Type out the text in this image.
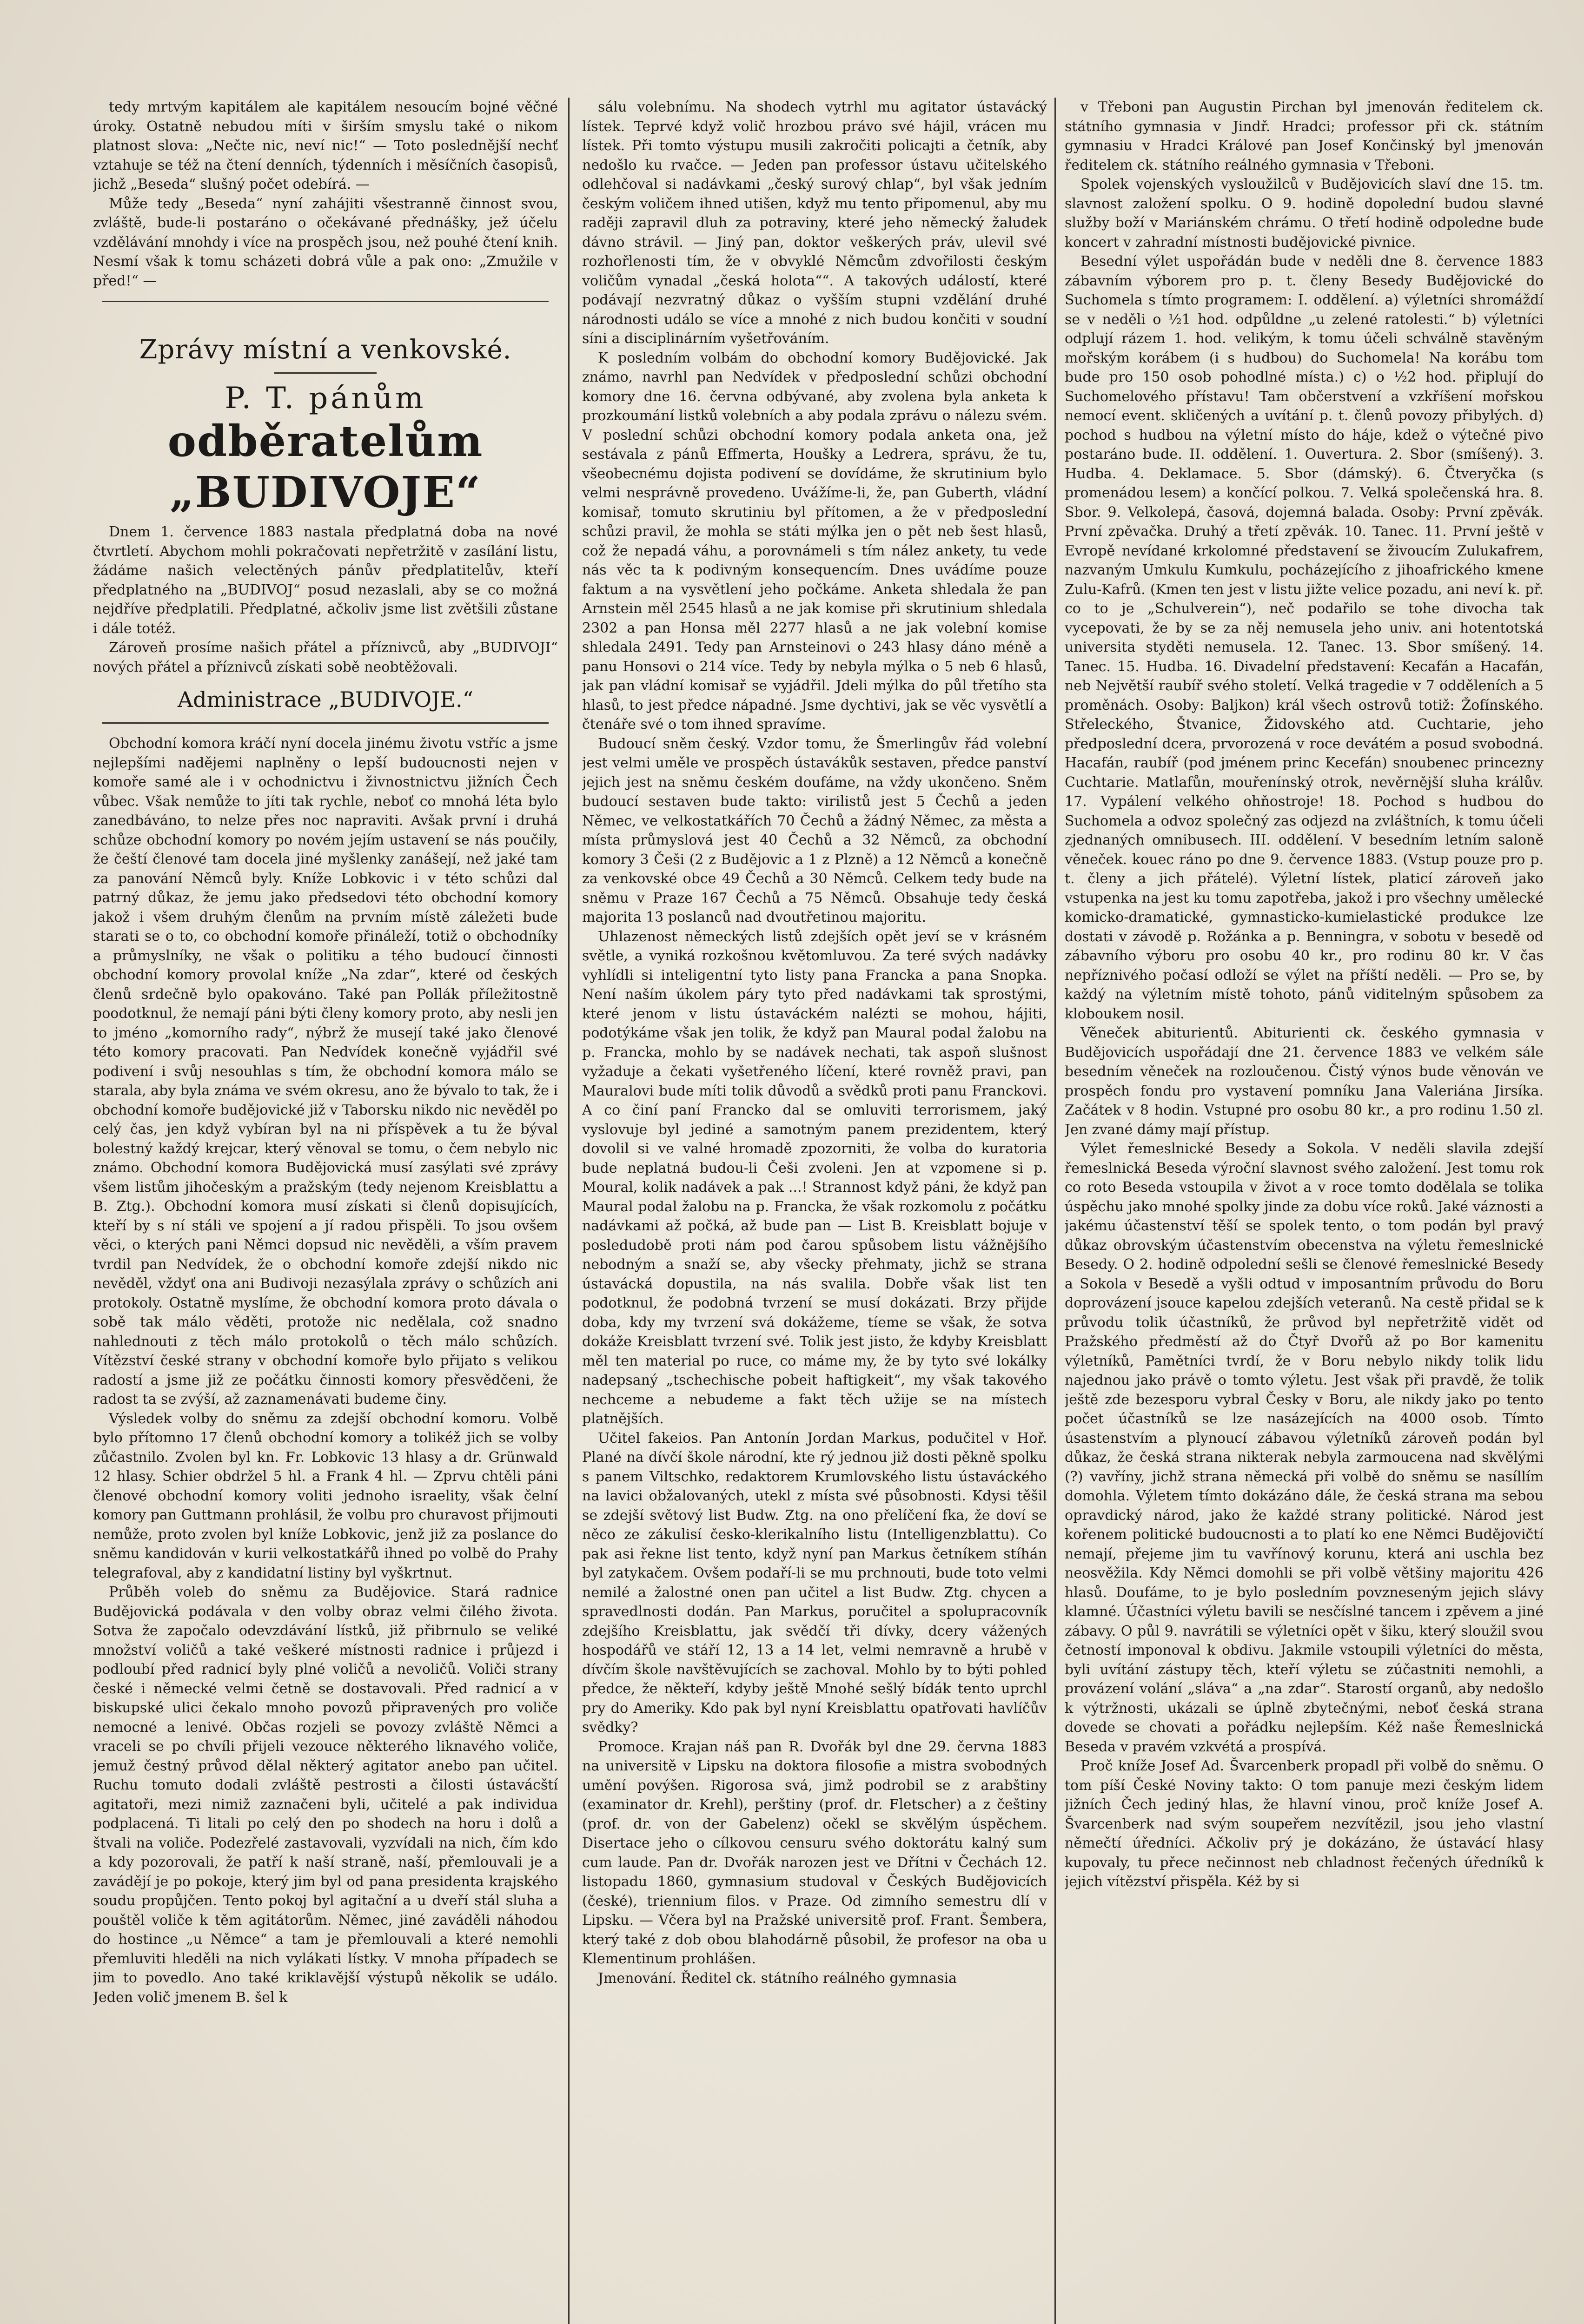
tedy mrtvým kapitálem ale kapitálem nesoucím bojné věčné úroky. Ostatně nebudou míti v širším smyslu také o nikom platnost slova: „Nečte nic, neví nic!“ — Toto poslednější nechť vztahuje se též na čtení denních, týdenních i měsíčních časopisů, jichž „Beseda“ slušný počet odebírá. —

Může tedy „Beseda“ nyní zahájiti všestranně činnost svou, zvláště, bude-li postaráno o očekávané přednášky, jež účelu vzdělávání mnohdy i více na prospěch jsou, než pouhé čtení knih. Nesmí však k tomu scházeti dobrá vůle a pak ono: „Zmužile v před!“ —

Zprávy místní a venkovské.
P. T. pánům
odběratelům „BUDIVOJE“

Dnem 1. července 1883 nastala předplatná doba na nové čtvrtletí. Abychom mohli pokračovati nepřetržitě v zasílání listu, žádáme našich velectěných pánův předplatitelův, kteří předplatného na „BUDIVOJ“ posud nezaslali, aby se co možná nejdříve předplatili. Předplatné, ačkoliv jsme list zvětšili zůstane i dále totéž.

Zároveň prosíme našich přátel a příznivců, aby „BUDIVOJI“ nových přátel a příznivců získati sobě neobtěžovali.

Administrace „BUDIVOJE.“

Obchodní komora kráčí nyní docela jinému životu vstříc a jsme nejlepšími nadějemi naplněny o lepší budoucnosti nejen v komoře samé ale i v ochodnictvu i živnostnictvu jižních Čech vůbec. Však nemůže to jíti tak rychle, neboť co mnohá léta bylo zanedbáváno, to nelze přes noc napraviti. Avšak první i druhá schůze obchodní komory po novém jejím ustavení se nás poučily, že čeští členové tam docela jiné myšlenky zanášejí, než jaké tam za panování Němců byly. Kníže Lobkovic i v této schůzi dal patrný důkaz, že jemu jako předsedovi této obchodní komory jakož i všem druhým členům na prvním místě záležeti bude starati se o to, co obchodní komoře přináleží, totiž o obchodníky a průmyslníky, ne však o politiku a tého budoucí činnosti obchodní komory provolal kníže „Na zdar“, které od českých členů srdečně bylo opakováno. Také pan Pollák příležitostně poodotknul, že nemají páni býti členy komory proto, aby nesli jen to jméno „komorního rady“, nýbrž že musejí také jako členové této komory pracovati. Pan Nedvídek konečně vyjádřil své podivení i svůj nesouhlas s tím, že obchodní komora málo se starala, aby byla známa ve svém okresu, ano že bývalo to tak, že i obchodní komoře budějovické již v Taborsku nikdo nic nevěděl po celý čas, jen když vybíran byl na ni příspěvek a tu že býval bolestný každý krejcar, který věnoval se tomu, o čem nebylo nic známo. Obchodní komora Budějovická musí zasýlati své zprávy všem listům jihočeským a pražským (tedy nejenom Kreisblattu a B. Ztg.). Obchodní komora musí získati si členů dopisujících, kteří by s ní stáli ve spojení a jí radou přispěli. To jsou ovšem věci, o kterých pani Němci dopsud nic nevěděli, a vším pravem tvrdil pan Nedvídek, že o obchodní komoře zdejší nikdo nic nevěděl, vždyť ona ani Budivoji nezasýlala zprávy o schůzích ani protokoly. Ostatně myslíme, že obchodní komora proto dávala o sobě tak málo věděti, protože nic nedělala, což snadno nahlednouti z těch málo protokolů o těch málo schůzích. Vítězství české strany v obchodní komoře bylo přijato s velikou radostí a jsme již ze počátku činnosti komory přesvědčeni, že radost ta se zvýší, až zaznamenávati budeme činy.

Výsledek volby do sněmu za zdejší obchodní komoru. Volbě bylo přítomno 17 členů obchodní komory a tolikéž jich se volby zůčastnilo. Zvolen byl kn. Fr. Lobkovic 13 hlasy a dr. Grünwald 12 hlasy. Schier obdržel 5 hl. a Frank 4 hl. — Zprvu chtěli páni členové obchodní komory voliti jednoho israelity, však čelní komory pan Guttmann prohlásil, že volbu pro churavost přijmouti nemůže, proto zvolen byl kníže Lobkovic, jenž již za poslance do sněmu kandidován v kurii velkostatkářů ihned po volbě do Prahy telegrafoval, aby z kandidatní listiny byl vyškrtnut.

Průběh voleb do sněmu za Budějovice. Stará radnice Budějovická podávala v den volby obraz velmi čilého života. Sotva že započalo odevzdávání lístků, již přibrnulo se veliké množství voličů a také veškeré místnosti radnice i průjezd i podloubí před radnicí byly plné voličů a nevoličů. Voliči strany české i německé velmi četně se dostavovali. Před radnicí a v biskupské ulici čekalo mnoho povozů připravených pro voliče nemocné a lenivé. Občas rozjeli se povozy zvláště Němci a vraceli se po chvíli přijeli vezouce některého liknavého voliče, jemuž čestný průvod dělal některý agitator anebo pan učitel. Ruchu tomuto dodali zvláště pestrosti a čilosti ústavácští agitatoři, mezi nimiž zaznačeni byli, učitelé a pak individua podplacená. Ti litali po celý den po shodech na horu i dolů a štvali na voliče. Podezřelé zastavovali, vyzvídali na nich, čím kdo a kdy pozorovali, že patří k naší straně, naší, přemlouvali je a zavádějí je po pokoje, který jim byl od pana presidenta krajského soudu propůjčen. Tento pokoj byl agitační a u dveří stál sluha a pouštěl voliče k těm agitátorům. Němec, jiné zaváděli náhodou do hostince „u Němce“ a tam je přemlouvali a které nemohli přemluviti hleděli na nich vylákati lístky. V mnoha případech se jim to povedlo. Ano také kriklavější výstupů několik se událo. Jeden volič jmenem B. šel k

sálu volebnímu. Na shodech vytrhl mu agitator ústavácký lístek. Teprvé když volič hrozbou právo své hájil, vrácen mu lístek. Při tomto výstupu musili zakročiti policajti a četník, aby nedošlo ku rvačce. — Jeden pan professor ústavu učitelského odlehčoval si nadávkami „český surový chlap“, byl však jedním českým voličem ihned utišen, když mu tento připomenul, aby mu raději zapravil dluh za potraviny, které jeho německý žaludek dávno strávil. — Jiný pan, doktor veškerých práv, ulevil své rozhořlenosti tím, že v obvyklé Němcům zdvořilosti českým voličům vynadal „česká holota““. A takových událostí, které podávají nezvratný důkaz o vyšším stupni vzdělání druhé národnosti událo se více a mnohé z nich budou končiti v soudní síni a disciplinárním vyšetřováním.

K posledním volbám do obchodní komory Budějovické. Jak známo, navrhl pan Nedvídek v předposlední schůzi obchodní komory dne 16. června odbývané, aby zvolena byla anketa k prozkoumání listků volebních a aby podala zprávu o nálezu svém. V poslední schůzi obchodní komory podala anketa ona, jež sestávala z pánů Effmerta, Houšky a Ledrera, správu, že tu, všeobecnému dojista podivení se dovídáme, že skrutinium bylo velmi nesprávně provedeno. Uvážíme-li, že, pan Guberth, vládní komisař, tomuto skrutiniu byl přítomen, a že v předposlední schůzi pravil, že mohla se státi mýlka jen o pět neb šest hlasů, což že nepadá váhu, a porovnámeli s tím nález ankety, tu vede nás věc ta k podivným konsequencím. Dnes uvádíme pouze faktum a na vysvětlení jeho počkáme. Anketa shledala že pan Arnstein měl 2545 hlasů a ne jak komise při skrutinium shledala 2302 a pan Honsa měl 2277 hlasů a ne jak volební komise shledala 2491. Tedy pan Arnsteinovi o 243 hlasy dáno méně a panu Honsovi o 214 více. Tedy by nebyla mýlka o 5 neb 6 hlasů, jak pan vládní komisař se vyjádřil. Jdeli mýlka do půl třetího sta hlasů, to jest předce nápadné. Jsme dychtivi, jak se věc vysvětlí a čtenáře své o tom ihned spravíme.

Budoucí sněm český. Vzdor tomu, že Šmerlingův řád volební jest velmi uměle ve prospěch ústavákůk sestaven, předce panství jejich jest na sněmu českém doufáme, na vždy ukončeno. Sněm budoucí sestaven bude takto: virilistů jest 5 Čechů a jeden Němec, ve velkostatkářích 70 Čechů a žádný Němec, za města a místa průmyslová jest 40 Čechů a 32 Němců, za obchodní komory 3 Češi (2 z Budějovic a 1 z Plzně) a 12 Němců a konečně za venkovské obce 49 Čechů a 30 Němců. Celkem tedy bude na sněmu v Praze 167 Čechů a 75 Němců. Obsahuje tedy česká majorita 13 poslanců nad dvoutřetinou majoritu.

Uhlazenost německých listů zdejších opět jeví se v krásném světle, a vyniká rozkošnou květomluvou. Za teré svých nadávky vyhlídli si inteligentní tyto listy pana Francka a pana Snopka. Není naším úkolem páry tyto před nadávkami tak sprostými, které jenom v listu ústaváckém nalézti se mohou, hájiti, podotýkáme však jen tolik, že když pan Maural podal žalobu na p. Francka, mohlo by se nadávek nechati, tak aspoň slušnost vyžaduje a čekati vyšetřeného líčení, které rovněž pravi, pan Mauralovi bude míti tolik důvodů a svědků proti panu Franckovi. A co činí paní Francko dal se omluviti terrorismem, jaký vyslovuje byl jediné a samotným panem prezidentem, který dovolil si ve valné hromadě zpozorniti, že volba do kuratoria bude neplatná budou-li Češi zvoleni. Jen at vzpomene si p. Moural, kolik nadávek a pak ...! Strannost když páni, že když pan Maural podal žalobu na p. Francka, že však rozkomolu z počátku nadávkami až počká, až bude pan — List B. Kreisblatt bojuje v posledudobě proti nám pod čarou spůsobem listu vážnějšího nebodným a snaží se, aby všecky přehmaty, jichž se strana ústavácká dopustila, na nás svalila. Dobře však list ten podotknul, že podobná tvrzení se musí dokázati. Brzy přijde doba, kdy my tvrzení svá dokážeme, tíeme se však, že sotva dokáže Kreisblatt tvrzení své. Tolik jest jisto, že kdyby Kreisblatt měl ten material po ruce, co máme my, že by tyto své lokálky nadepsaný „tschechische pobeit haftigkeit“, my však takového nechceme a nebudeme a fakt těch užije se na místech platnějších.

Učitel fakeios. Pan Antonín Jordan Markus, podučitel v Hoř. Plané na dívčí škole národní, kte rý jednou již dosti pěkně spolku s panem Viltschko, redaktorem Krumlovského listu ústaváckého na lavici obžalovaných, utekl z místa své působnosti. Kdysi těšil se zdejší světový list Budw. Ztg. na ono přelíčení fka, že doví se něco ze zákulisí česko-klerikalního listu (Intelligenzblattu). Co pak asi řekne list tento, když nyní pan Markus četníkem stíhán byl zatykačem. Ovšem podaří-li se mu prchnouti, bude toto velmi nemilé a žalostné onen pan učitel a list Budw. Ztg. chycen a spravedlnosti dodán. Pan Markus, poručitel a spolupracovník zdejšího Kreisblattu, jak svědčí tři dívky, dcery vážených hospodářů ve stáří 12, 13 a 14 let, velmi nemravně a hrubě v dívčím škole navštěvujících se zachoval. Mohlo by to býti pohled předce, že někteří, kdyby ještě Mnohé sešlý bídák tento uprchl pry do Ameriky. Kdo pak byl nyní Kreisblattu opatřovati havlíčův svědky?

Promoce. Krajan náš pan R. Dvořák byl dne 29. června 1883 na universitě v Lipsku na doktora filosofie a mistra svobodných umění povýšen. Rigorosa svá, jimž podrobil se z arabštiny (examinator dr. Krehl), perštiny (prof. dr. Fletscher) a z češtiny (prof. dr. von der Gabelenz) očekl se skvělým úspěchem. Disertace jeho o cílkovou censuru svého doktorátu kalný sum cum laude. Pan dr. Dvořák narozen jest ve Dřítni v Čechách 12. listopadu 1860, gymnasium studoval v Českých Budějovicích (české), triennium filos. v Praze. Od zimního semestru dlí v Lipsku. — Včera byl na Pražské universitě prof. Frant. Šembera, který také z dob obou blahodárně působil, že profesor na oba u Klementinum prohlášen.

Jmenování. Ředitel ck. státního reálného gymnasia

v Třeboni pan Augustin Pirchan byl jmenován ředitelem ck. státního gymnasia v Jindř. Hradci; professor při ck. státním gymnasiu v Hradci Králové pan Josef Končinský byl jmenován ředitelem ck. státního reálného gymnasia v Třeboni.

Spolek vojenských vysloužilců v Budějovicích slaví dne 15. tm. slavnost založení spolku. O 9. hodině dopolední budou slavné služby boží v Mariánském chrámu. O třetí hodině odpoledne bude koncert v zahradní místnosti budějovické pivnice.

Besední výlet uspořádán bude v neděli dne 8. července 1883 zábavním výborem pro p. t. členy Besedy Budějovické do Suchomela s tímto programem: I. oddělení. a) výletníci shromáždí se v neděli o ½1 hod. odpůldne „u zelené ratolesti.“ b) výletníci odplují rázem 1. hod. velikým, k tomu účeli schválně stavěným mořským korábem (i s hudbou) do Suchomela! Na korábu tom bude pro 150 osob pohodlné místa.) c) o ½2 hod. připlují do Suchomelového přístavu! Tam občerstvení a vzkříšení mořskou nemocí event. skličených a uvítání p. t. členů povozy přibylých. d) pochod s hudbou na výletní místo do háje, kdež o výtečné pivo postaráno bude. II. oddělení. 1. Ouvertura. 2. Sbor (smíšený). 3. Hudba. 4. Deklamace. 5. Sbor (dámský). 6. Čtveryčka (s promenádou lesem) a končící polkou. 7. Velká společenská hra. 8. Sbor. 9. Velkolepá, časová, dojemná balada. Osoby: První zpěvák. První zpěvačka. Druhý a třetí zpěvák. 10. Tanec. 11. První ještě v Evropě nevídané krkolomné představení se živoucím Zulukafrem, nazvaným Umkulu Kumkulu, pocházejícího z jihoafrického kmene Zulu-Kafrů. (Kmen ten jest v listu jižte velice pozadu, ani neví k. př. co to je „Schulverein“), neč podařilo se tohe divocha tak vycepovati, že by se za něj nemusela jeho univ. ani hotentotská universita styděti nemusela. 12. Tanec. 13. Sbor smíšený. 14. Tanec. 15. Hudba. 16. Divadelní představení: Kecafán a Hacafán, neb Největší raubíř svého století. Velká tragedie v 7 odděleních a 5 proměnách. Osoby: Baljkon) král všech ostrovů totiž: Žofínského. Střeleckého, Štvanice, Židovského atd. Cuchtarie, jeho předposlední dcera, prvorozená v roce devátém a posud svobodná. Hacafán, raubíř (pod jménem princ Kecefán) snoubenec princezny Cuchtarie. Matlafůn, mouřenínský otrok, nevěrnější sluha králův. 17. Vypálení velkého ohňostroje! 18. Pochod s hudbou do Suchomela a odvoz společný zas odjezd na zvláštních, k tomu účeli zjednaných omnibusech. III. oddělení. V besedním letním saloně věneček. kouec ráno po dne 9. července 1883. (Vstup pouze pro p. t. členy a jich přátelé). Výletní lístek, platicí zároveň jako vstupenka na jest ku tomu zapotřeba, jakož i pro všechny umělecké komicko-dramatické, gymnasticko-kumielastické produkce lze dostati v závodě p. Rožánka a p. Benningra, v sobotu v besedě od zábavního výboru pro osobu 40 kr., pro rodinu 80 kr. V čas nepříznivého počasí odloží se výlet na příští neděli. — Pro se, by každý na výletním místě tohoto, pánů viditelným spůsobem za kloboukem nosil.

Věneček abiturientů. Abiturienti ck. českého gymnasia v Budějovicích uspořádají dne 21. července 1883 ve velkém sále besedním věneček na rozloučenou. Čistý výnos bude věnován ve prospěch fondu pro vystavení pomníku Jana Valeriána Jirsíka. Začátek v 8 hodin. Vstupné pro osobu 80 kr., a pro rodinu 1.50 zl. Jen zvané dámy mají přístup.

Výlet řemeslnické Besedy a Sokola. V neděli slavila zdejší řemeslnická Beseda výroční slavnost svého založení. Jest tomu rok co roto Beseda vstoupila v život a v roce tomto dodělala se tolika úspěchu jako mnohé spolky jinde za dobu více roků. Jaké váznosti a jakému účastenství těší se spolek tento, o tom podán byl pravý důkaz obrovským účastenstvím obecenstva na výletu řemeslnické Besedy. O 2. hodině odpolední sešli se členové řemeslnické Besedy a Sokola v Besedě a vyšli odtud v imposantním průvodu do Boru doprovázení jsouce kapelou zdejších veteranů. Na cestě přidal se k průvodu tolik účastníků, že průvod byl nepřetržitě vidět od Pražského předměstí až do Čtyř Dvořů až po Bor kamenitu výletníků, Pamětníci tvrdí, že v Boru nebylo nikdy tolik lidu najednou jako právě o tomto výletu. Jest však při pravdě, že tolik ještě zde bezesporu vybral Česky v Boru, ale nikdy jako po tento počet účastníků se lze nasázejících na 4000 osob. Tímto úsastenstvím a plynoucí zábavou výletníků zároveň podán byl důkaz, že česká strana nikterak nebyla zarmoucena nad skvělými (?) vavříny, jichž strana německá při volbě do sněmu se nasíllím domohla. Výletem tímto dokázáno dále, že česká strana ma sebou opravdický národ, jako že každé strany politické. Národ jest kořenem politické budoucnosti a to platí ko ene Němci Budějovičtí nemají, přejeme jim tu vavřínový korunu, která ani uschla bez neosvěžila. Kdy Němci domohli se při volbě většiny majoritu 426 hlasů. Doufáme, to je bylo posledním povzneseným jejich slávy klamné. Účastníci výletu bavili se nesčíslné tancem i zpěvem a jiné zábavy. O půl 9. navrátili se výletníci opět v šiku, který sloužil svou četností imponoval k obdivu. Jakmile vstoupili výletníci do města, byli uvítání zástupy těch, kteří výletu se zúčastniti nemohli, a provázení volání „sláva“ a „na zdar“. Starostí organů, aby nedošlo k výtržnosti, ukázali se úplně zbytečnými, neboť česká strana dovede se chovati a pořádku nejlepším. Kéž naše Řemeslnická Beseda v pravém vzkvétá a prospívá.

Proč kníže Josef Ad. Švarcenberk propadl při volbě do sněmu. O tom píší České Noviny takto: O tom panuje mezi českým lidem jižních Čech jediný hlas, že hlavní vinou, proč kníže Josef A. Švarcenberk nad svým soupeřem nezvítězil, jsou jeho vlastní němečtí úředníci. Ačkoliv prý je dokázáno, že ústavácí hlasy kupovaly, tu přece nečinnost neb chladnost řečených úředníků k jejich vítězství přispěla. Kéž by si
